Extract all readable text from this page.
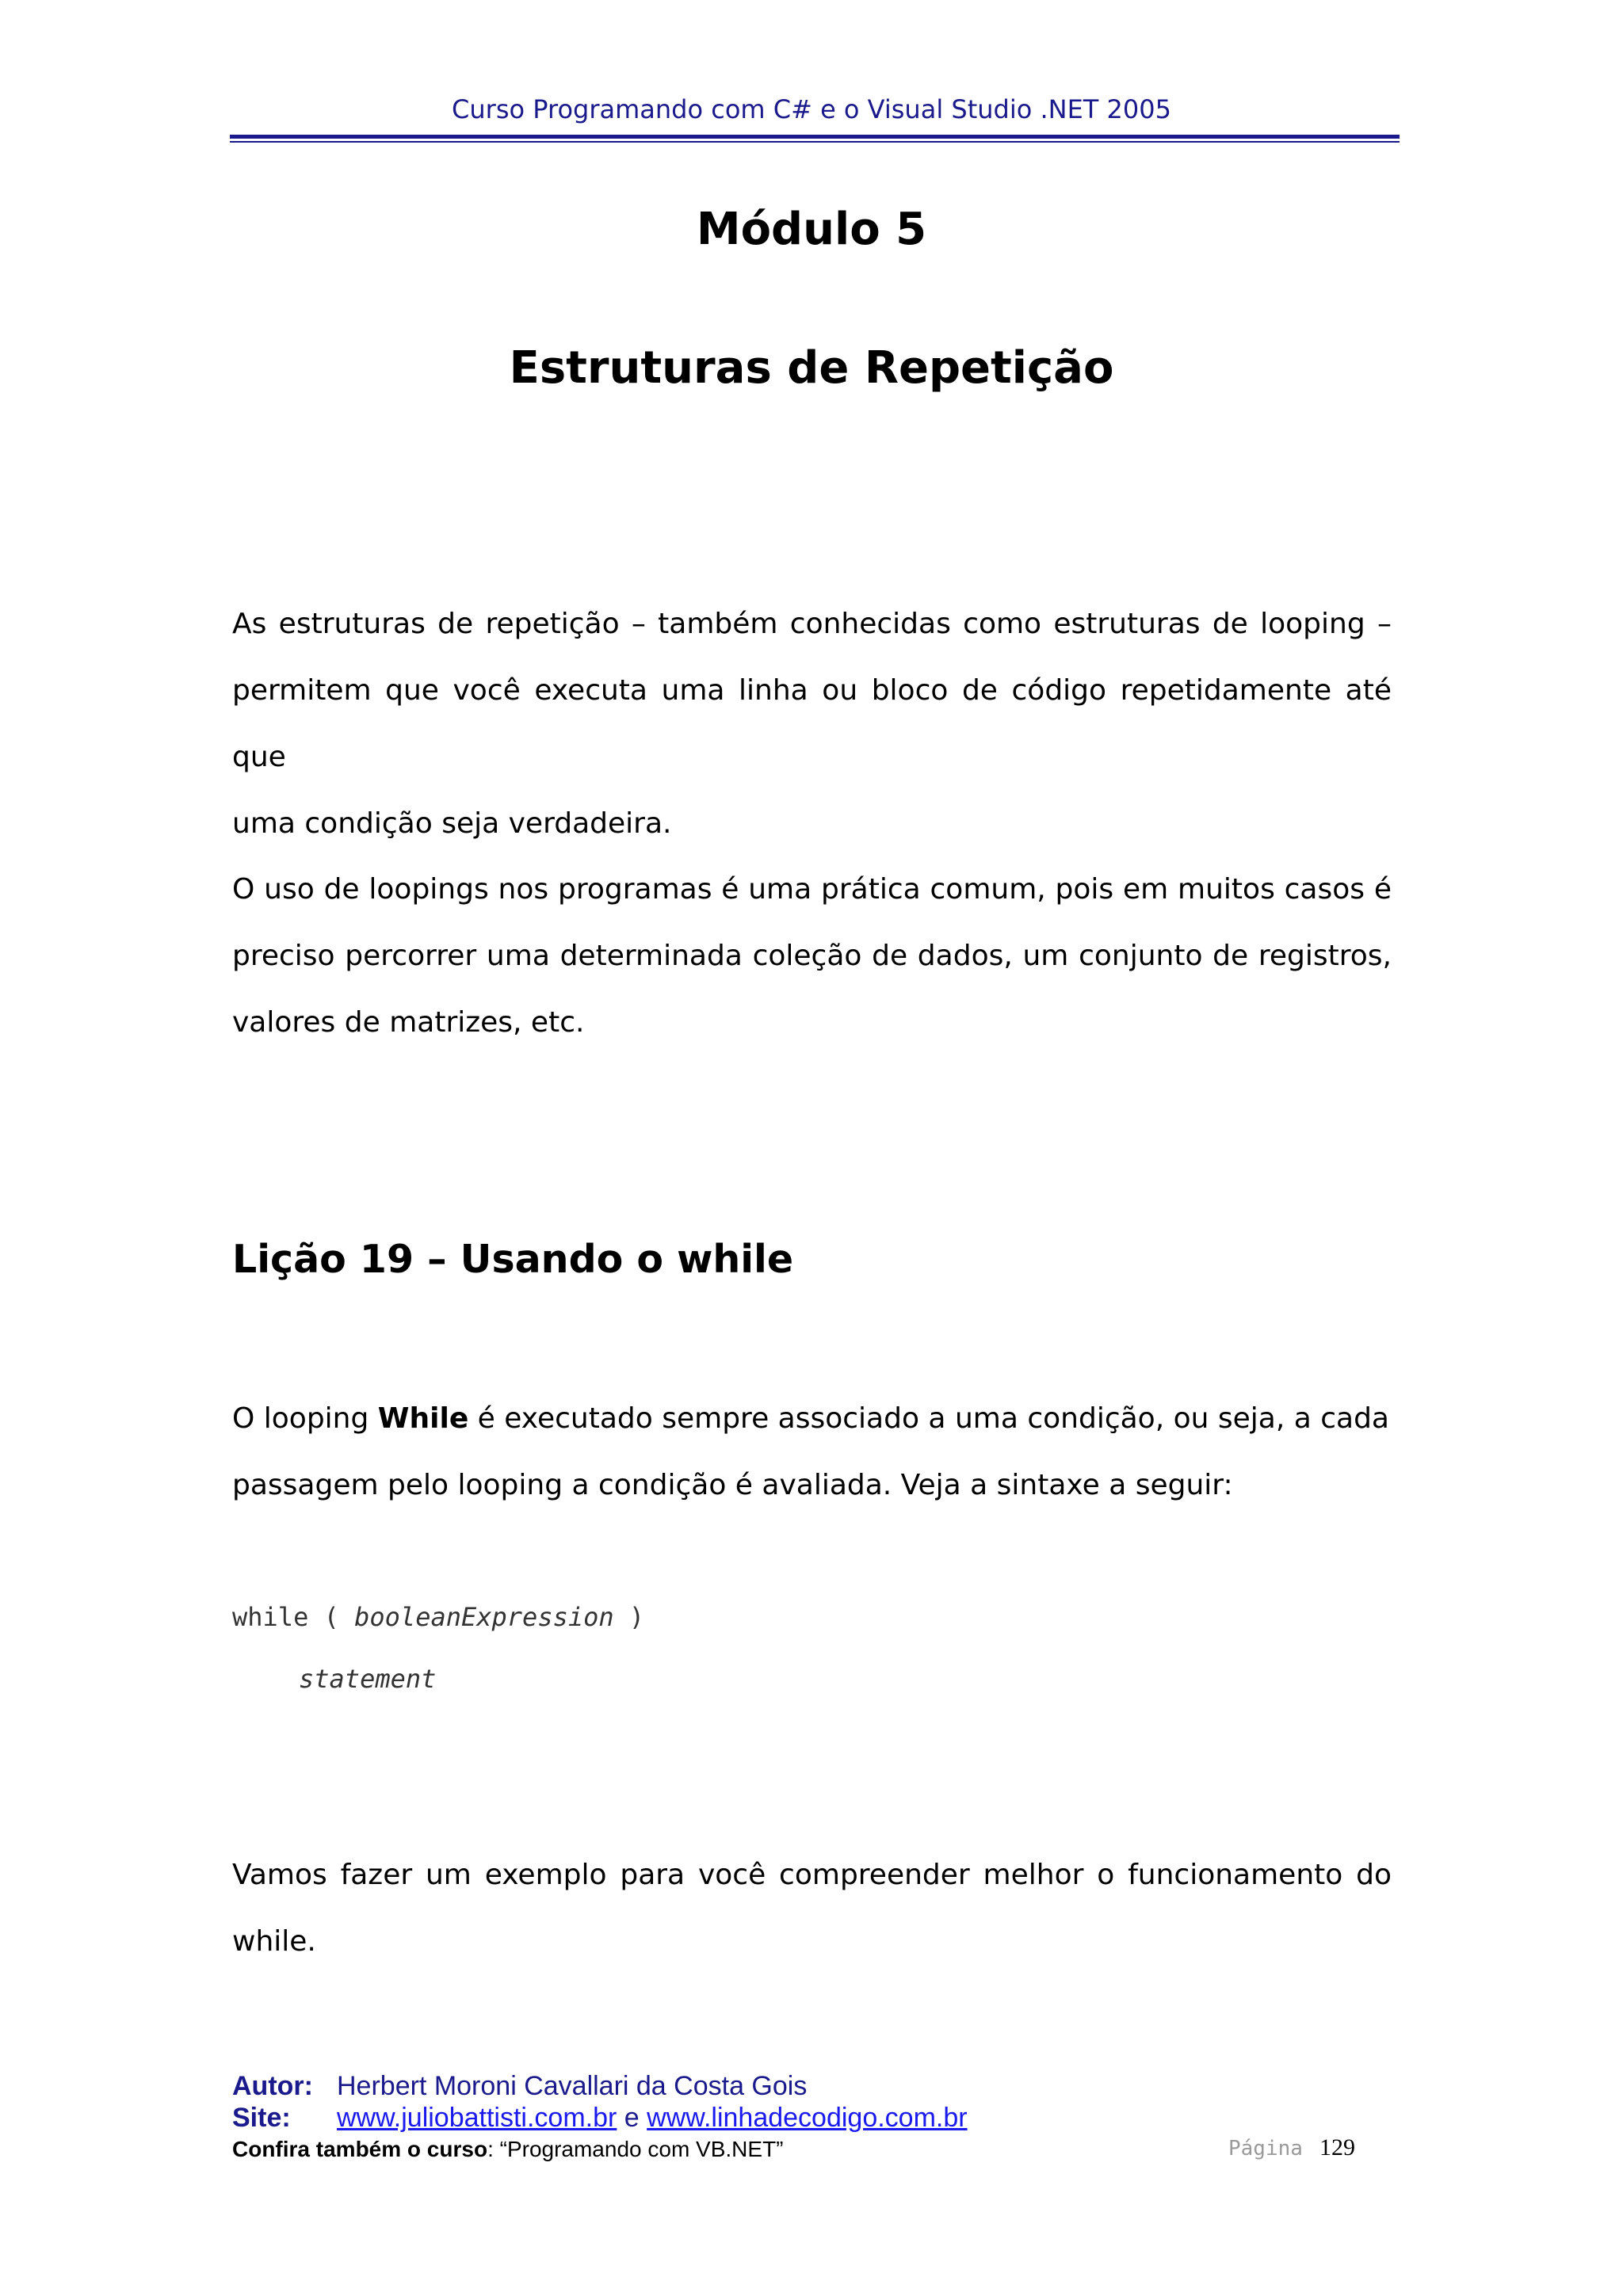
Curso Programando com C# e o Visual Studio .NET 2005
Módulo 5
Estruturas de Repetição
As estruturas de repetição – também conhecidas como estruturas de looping –
permitem que você executa uma linha ou bloco de código repetidamente até que
uma condição seja verdadeira.
O uso de loopings nos programas é uma prática comum, pois em muitos casos é
preciso percorrer uma determinada coleção de dados, um conjunto de registros,
valores de matrizes, etc.
Lição 19 – Usando o while
O looping While é executado sempre associado a uma condição, ou seja, a cada
passagem pelo looping a condição é avaliada. Veja a sintaxe a seguir:
while ( booleanExpression )
statement
Vamos fazer um exemplo para você compreender melhor o funcionamento do
while.
Autor: Herbert Moroni Cavallari da Costa Gois
Site: www.juliobattisti.com.br e www.linhadecodigo.com.br
Confira também o curso: “Programando com VB.NET”	Página 129
